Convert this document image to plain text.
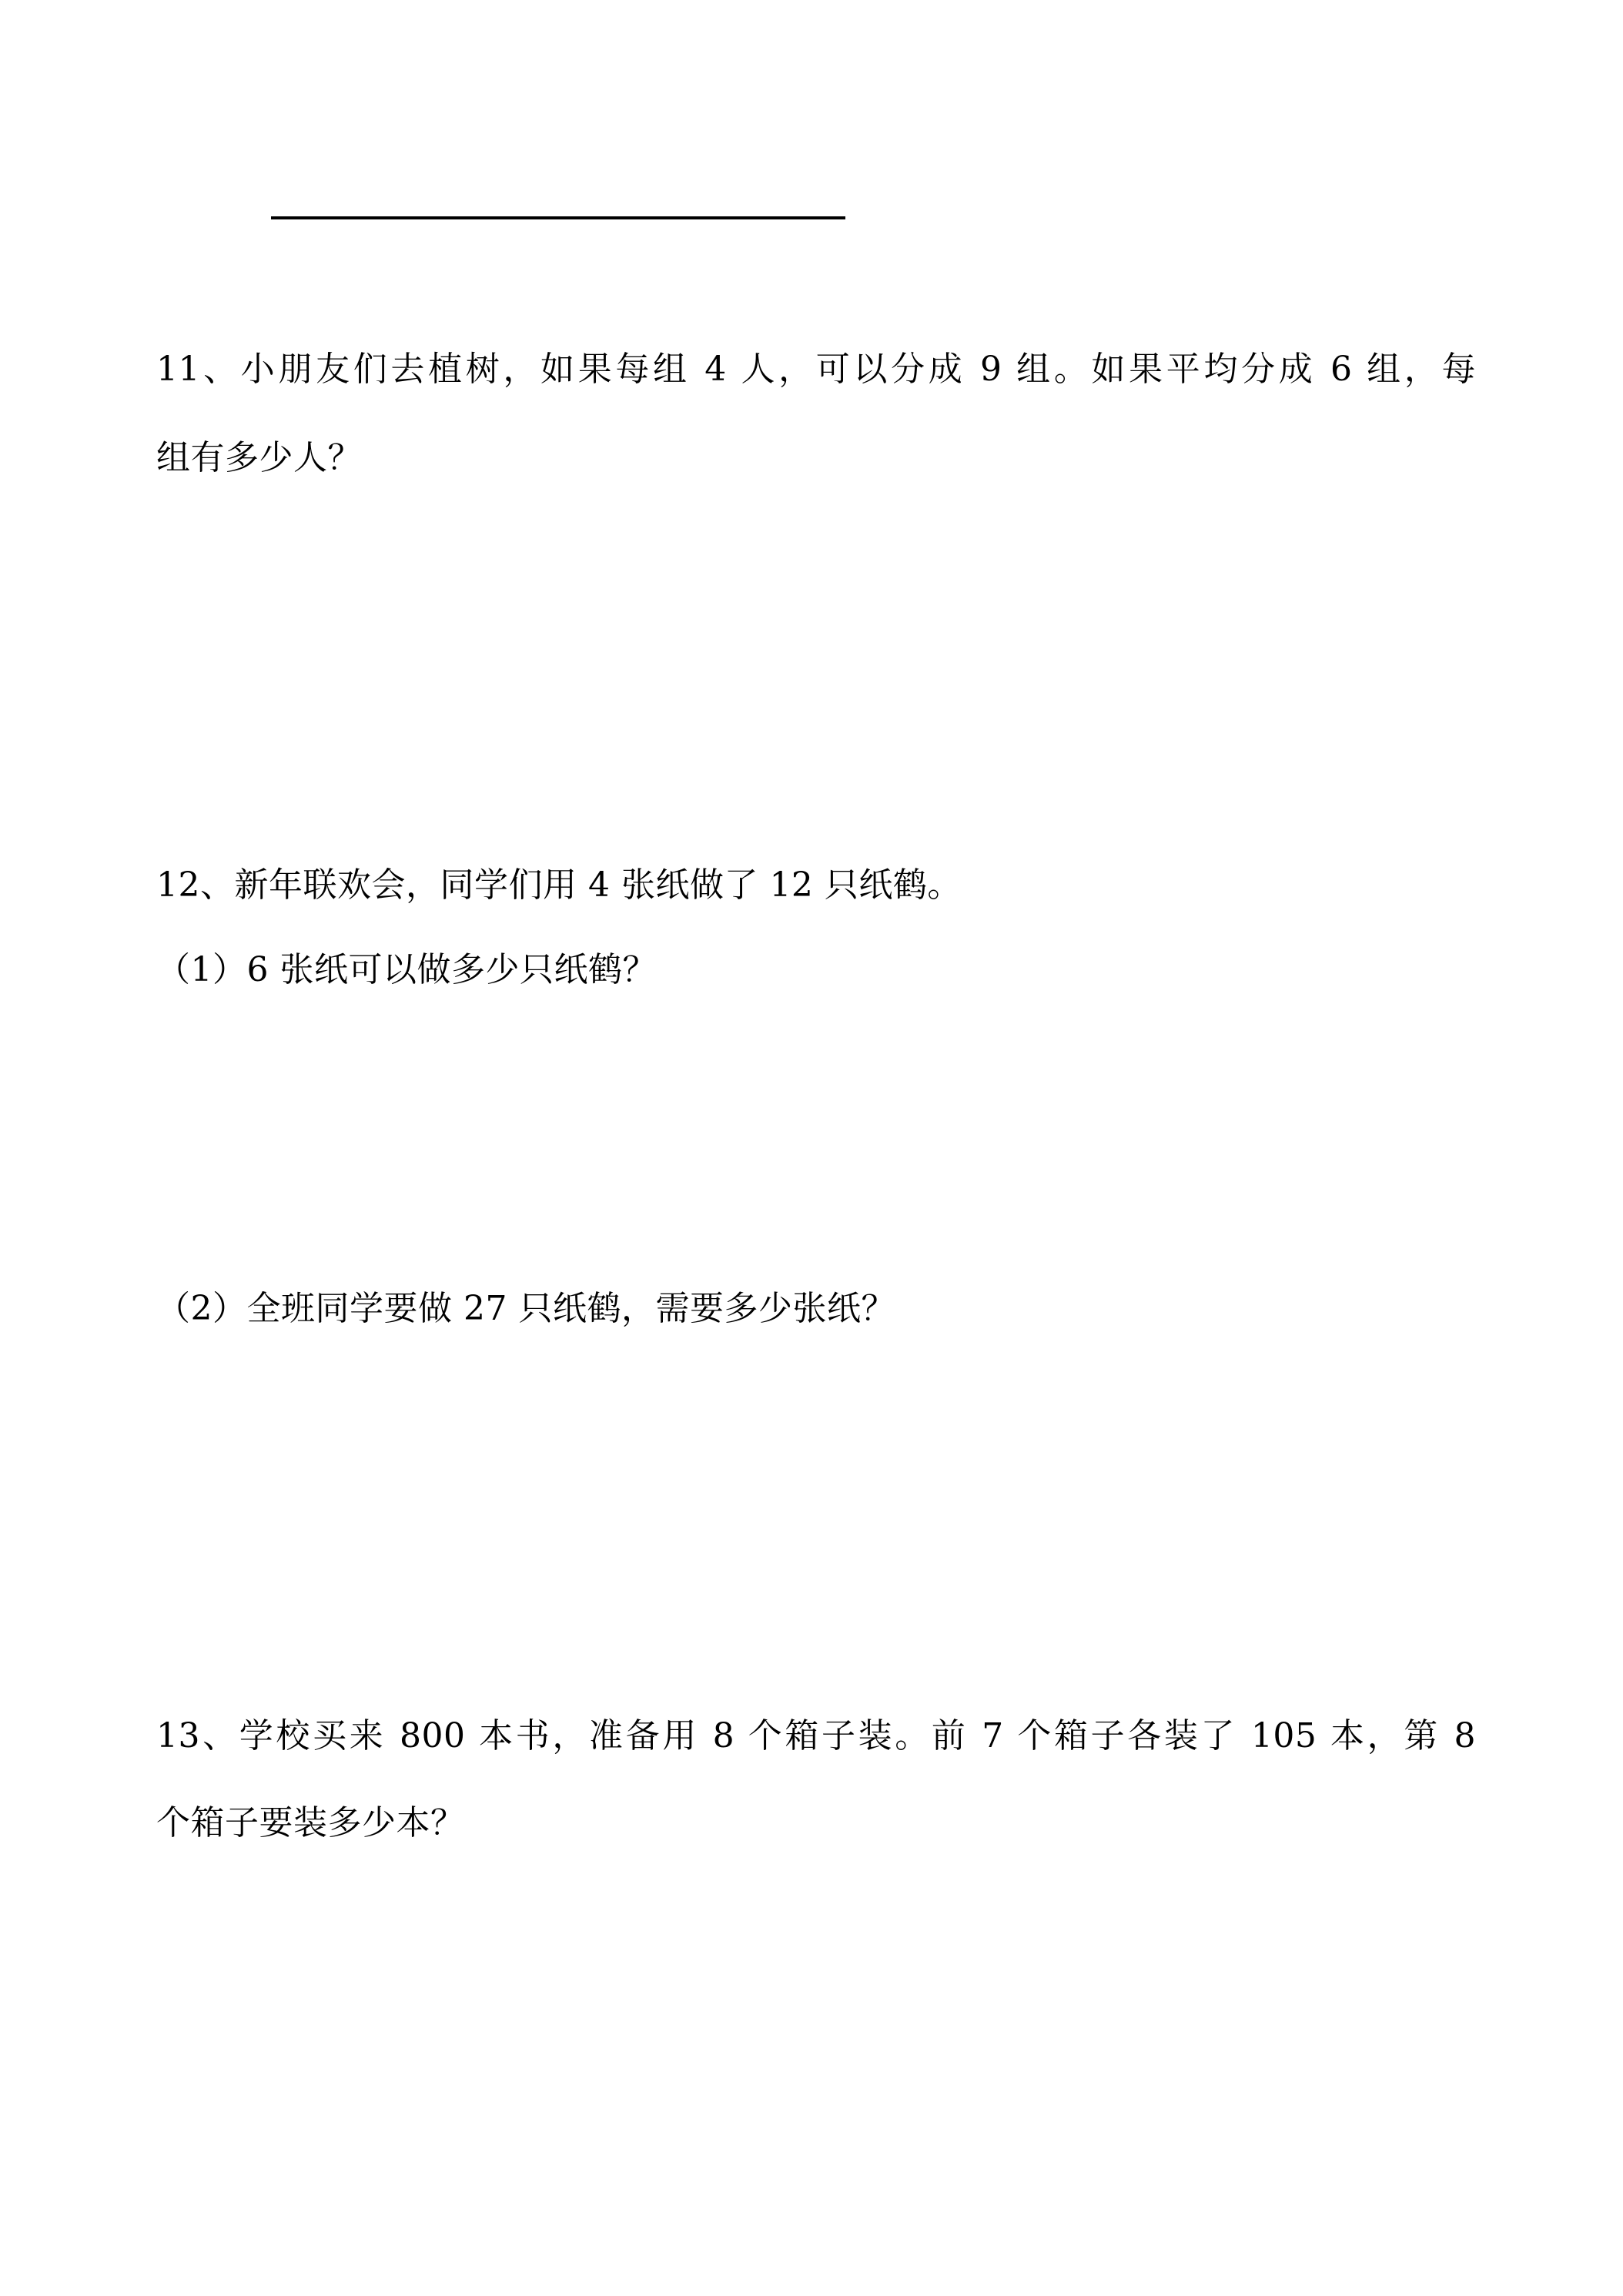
11、小朋友们去植树，如果每组 4 人，可以分成 9 组。如果平均分成 6 组，每
组有多少人？
12、新年联欢会，同学们用 4 张纸做了 12 只纸鹤。
（1）6 张纸可以做多少只纸鹤？
（2）全班同学要做 27 只纸鹤，需要多少张纸？
13、学校买来 800 本书，准备用 8 个箱子装。前 7 个箱子各装了 105 本，第 8
个箱子要装多少本？
